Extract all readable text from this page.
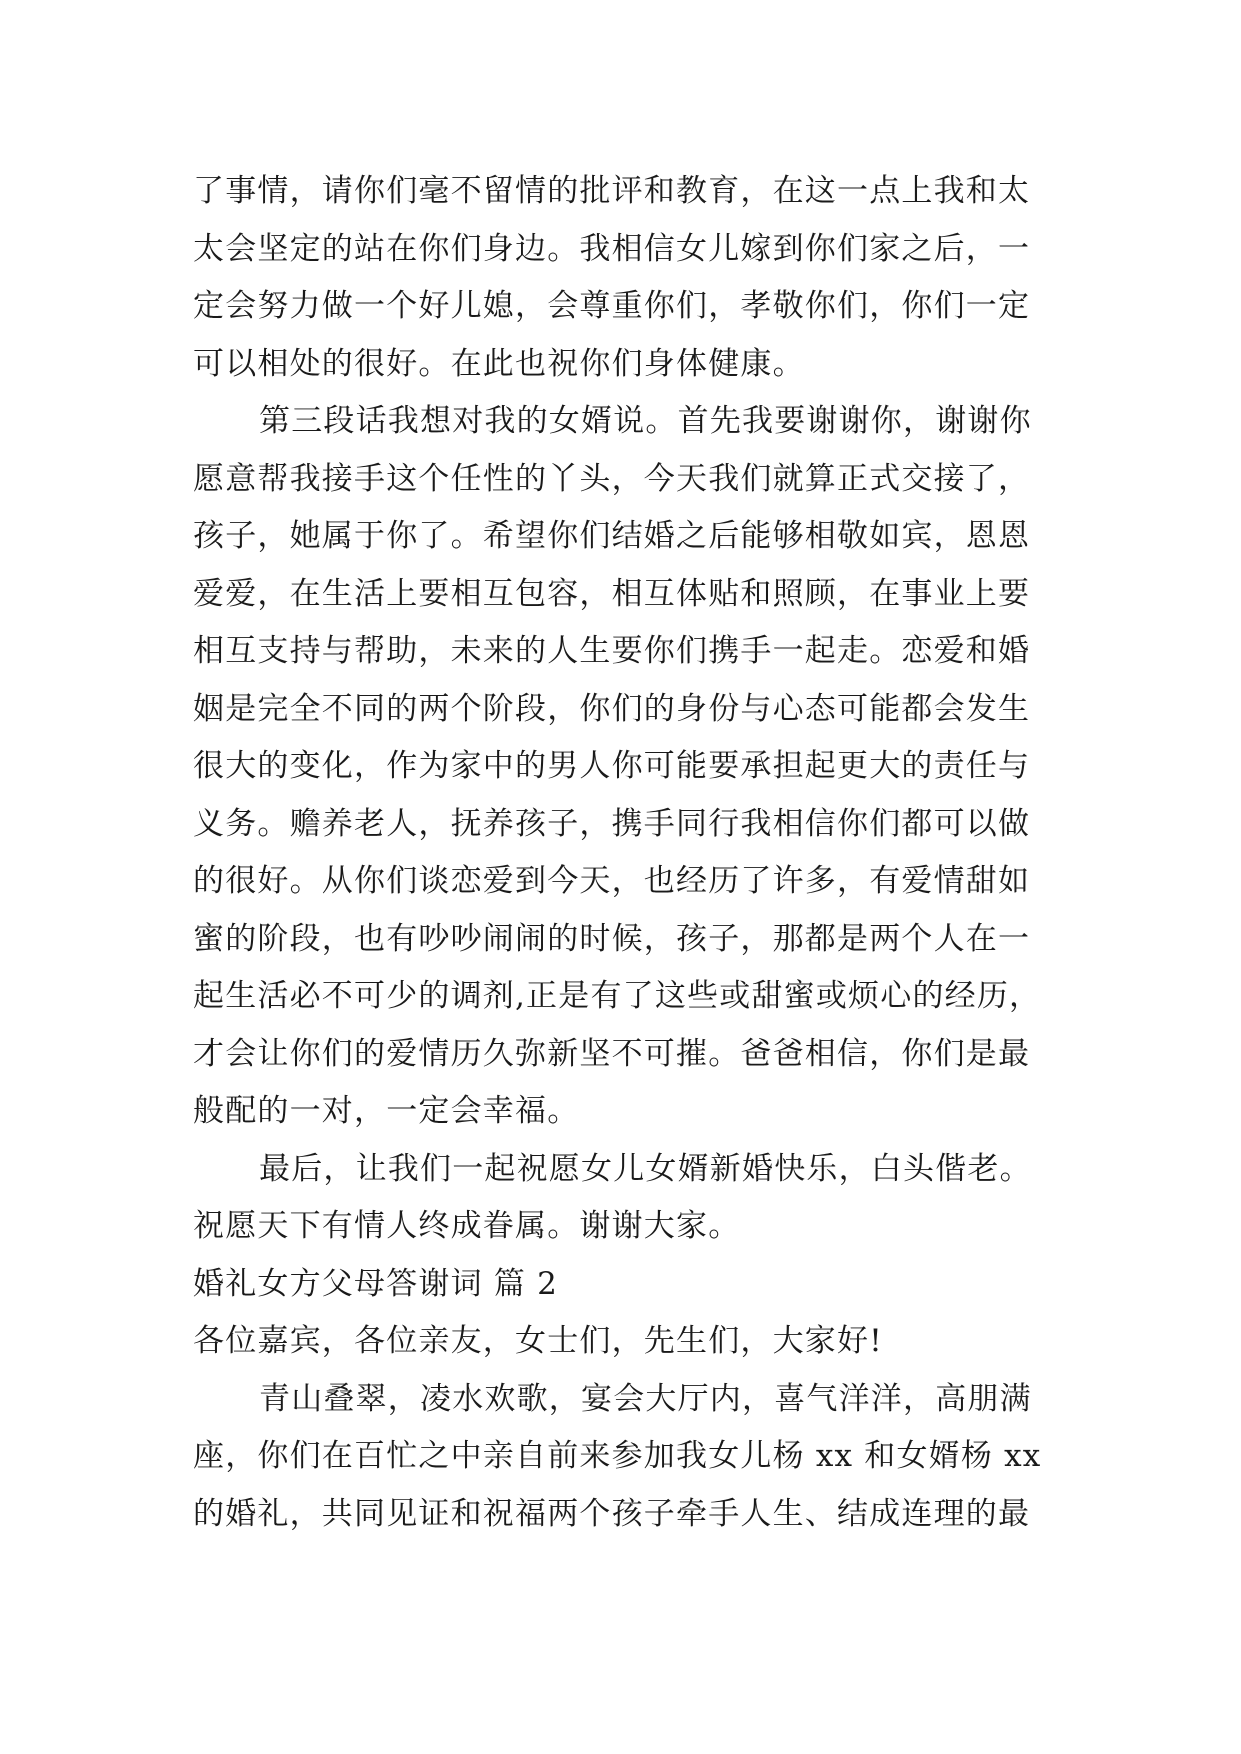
了事情，请你们毫不留情的批评和教育，在这一点上我和太
太会坚定的站在你们身边。我相信女儿嫁到你们家之后，一
定会努力做一个好儿媳，会尊重你们，孝敬你们，你们一定
可以相处的很好。在此也祝你们身体健康。
第三段话我想对我的女婿说。首先我要谢谢你，谢谢你
愿意帮我接手这个任性的丫头，今天我们就算正式交接了，
孩子，她属于你了。希望你们结婚之后能够相敬如宾，恩恩
爱爱，在生活上要相互包容，相互体贴和照顾，在事业上要
相互支持与帮助，未来的人生要你们携手一起走。恋爱和婚
姻是完全不同的两个阶段，你们的身份与心态可能都会发生
很大的变化，作为家中的男人你可能要承担起更大的责任与
义务。赡养老人，抚养孩子，携手同行我相信你们都可以做
的很好。从你们谈恋爱到今天，也经历了许多，有爱情甜如
蜜的阶段，也有吵吵闹闹的时候，孩子，那都是两个人在一
起生活必不可少的调剂,正是有了这些或甜蜜或烦心的经历，
才会让你们的爱情历久弥新坚不可摧。爸爸相信，你们是最
般配的一对，一定会幸福。
最后，让我们一起祝愿女儿女婿新婚快乐，白头偕老。
祝愿天下有情人终成眷属。谢谢大家。
婚礼女方父母答谢词 篇 2
各位嘉宾，各位亲友，女士们，先生们，大家好!
青山叠翠，凌水欢歌，宴会大厅内，喜气洋洋，高朋满
座，你们在百忙之中亲自前来参加我女儿杨 xx 和女婿杨 xx
的婚礼，共同见证和祝福两个孩子牵手人生、结成连理的最
